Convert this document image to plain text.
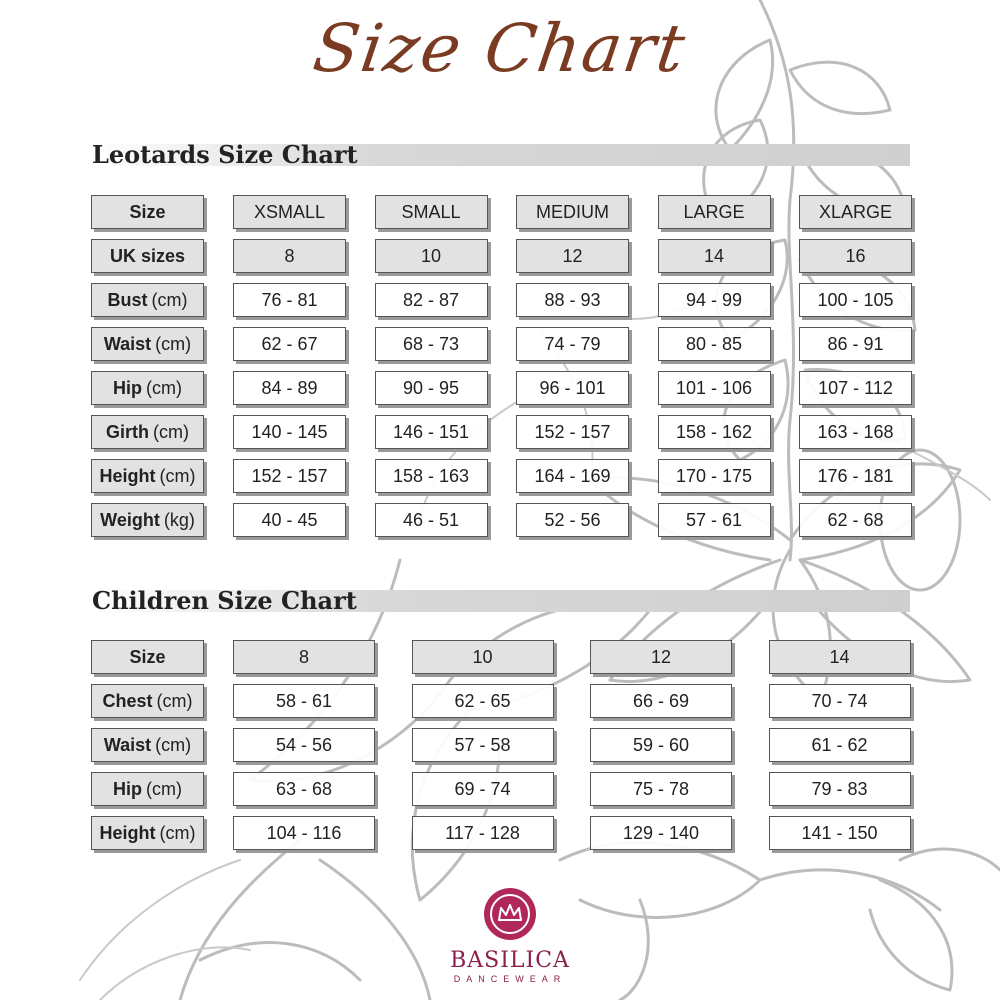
Size Chart
Leotards Size Chart
Size	XSMALL	SMALL	MEDIUM	LARGE	XLARGE
UK sizes	8	10	12	14	16
Bust (cm)	76 - 81	82 - 87	88 - 93	94 - 99	100 - 105
Waist (cm)	62 - 67	68 - 73	74 - 79	80 - 85	86 - 91
Hip (cm)	84 - 89	90 - 95	96 - 101	101 - 106	107 - 112
Girth (cm)	140 - 145	146 - 151	152 - 157	158 - 162	163 - 168
Height (cm)	152 - 157	158 - 163	164 - 169	170 - 175	176 - 181
Weight (kg)	40 - 45	46 - 51	52 - 56	57 - 61	62 - 68
Children Size Chart
Size	8	10	12	14
Chest (cm)	58 - 61	62 - 65	66 - 69	70 - 74
Waist (cm)	54 - 56	57 - 58	59 - 60	61 - 62
Hip (cm)	63 - 68	69 - 74	75 - 78	79 - 83
Height (cm)	104 - 116	117 - 128	129 - 140	141 - 150
BASILICA
DANCEWEAR
